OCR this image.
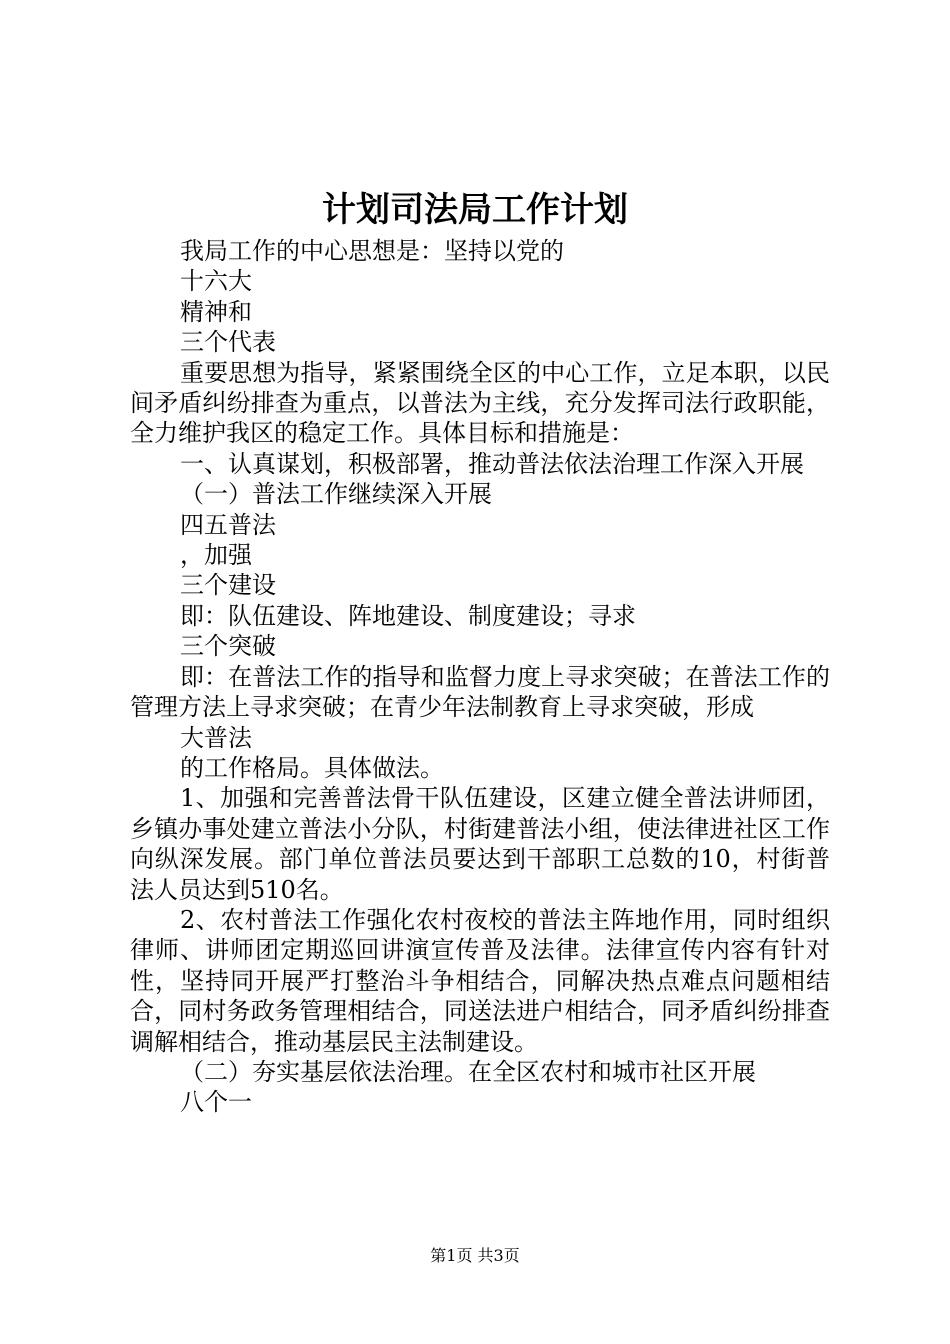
计划司法局工作计划

我局工作的中心思想是：坚持以党的

十六大

精神和

三个代表

重要思想为指导，紧紧围绕全区的中心工作，立足本职，以民间矛盾纠纷排查为重点，以普法为主线，充分发挥司法行政职能，全力维护我区的稳定工作。具体目标和措施是：

一、认真谋划，积极部署，推动普法依法治理工作深入开展

（一）普法工作继续深入开展

四五普法

，加强

三个建设

即：队伍建设、阵地建设、制度建设；寻求

三个突破

即：在普法工作的指导和监督力度上寻求突破；在普法工作的管理方法上寻求突破；在青少年法制教育上寻求突破，形成

大普法

的工作格局。具体做法。

1、加强和完善普法骨干队伍建设，区建立健全普法讲师团，乡镇办事处建立普法小分队，村街建普法小组，使法律进社区工作向纵深发展。部门单位普法员要达到干部职工总数的10，村街普法人员达到510名。

2、农村普法工作强化农村夜校的普法主阵地作用，同时组织律师、讲师团定期巡回讲演宣传普及法律。法律宣传内容有针对性，坚持同开展严打整治斗争相结合，同解决热点难点问题相结合，同村务政务管理相结合，同送法进户相结合，同矛盾纠纷排查调解相结合，推动基层民主法制建设。

（二）夯实基层依法治理。在全区农村和城市社区开展

八个一

第1页 共3页
